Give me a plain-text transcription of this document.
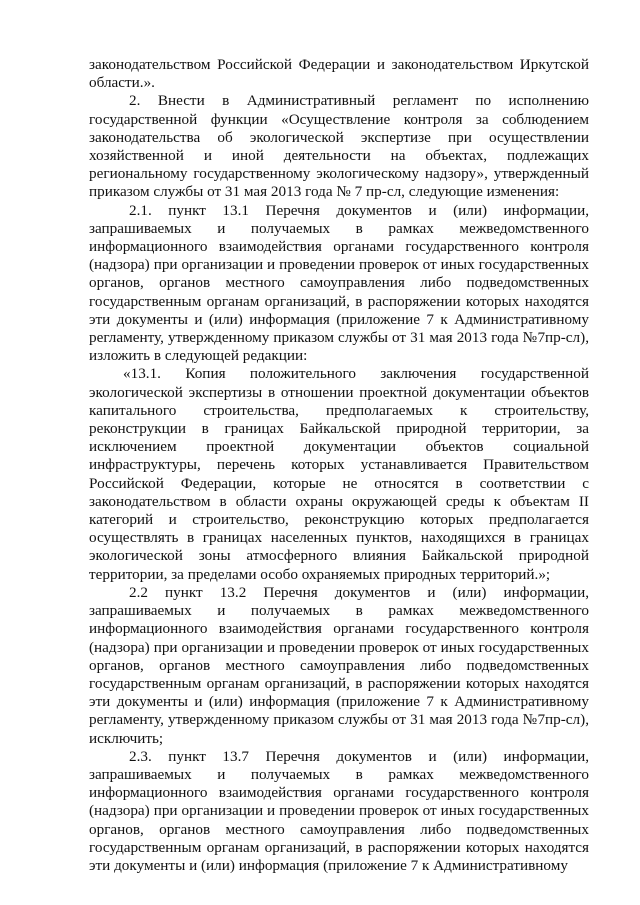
законодательством Российской Федерации и законодательством Иркутской области.».

2. Внести в Административный регламент по исполнению государственной функции «Осуществление контроля за соблюдением законодательства об экологической экспертизе при осуществлении хозяйственной и иной деятельности на объектах, подлежащих региональному государственному экологическому надзору», утвержденный приказом службы от 31 мая 2013 года № 7 пр-сл, следующие изменения:

2.1. пункт 13.1 Перечня документов и (или) информации, запрашиваемых и получаемых в рамках межведомственного информационного взаимодействия органами государственного контроля (надзора) при организации и проведении проверок от иных государственных органов, органов местного самоуправления либо подведомственных государственным органам организаций, в распоряжении которых находятся эти документы и (или) информация (приложение 7 к Административному регламенту, утвержденному приказом службы от 31 мая 2013 года №7пр-сл), изложить в следующей редакции:

«13.1. Копия положительного заключения государственной экологической экспертизы в отношении проектной документации объектов капитального строительства, предполагаемых к строительству, реконструкции в границах Байкальской природной территории, за исключением проектной документации объектов социальной инфраструктуры, перечень которых устанавливается Правительством Российской Федерации, которые не относятся в соответствии с законодательством в области охраны окружающей среды к объектам II категорий и строительство, реконструкцию которых предполагается осуществлять в границах населенных пунктов, находящихся в границах экологической зоны атмосферного влияния Байкальской природной территории, за пределами особо охраняемых природных территорий.»;

2.2 пункт 13.2 Перечня документов и (или) информации, запрашиваемых и получаемых в рамках межведомственного информационного взаимодействия органами государственного контроля (надзора) при организации и проведении проверок от иных государственных органов, органов местного самоуправления либо подведомственных государственным органам организаций, в распоряжении которых находятся эти документы и (или) информация (приложение 7 к Административному регламенту, утвержденному приказом службы от 31 мая 2013 года №7пр-сл), исключить;

2.3. пункт 13.7 Перечня документов и (или) информации, запрашиваемых и получаемых в рамках межведомственного информационного взаимодействия органами государственного контроля (надзора) при организации и проведении проверок от иных государственных органов, органов местного самоуправления либо подведомственных государственным органам организаций, в распоряжении которых находятся эти документы и (или) информация (приложение 7 к Административному
